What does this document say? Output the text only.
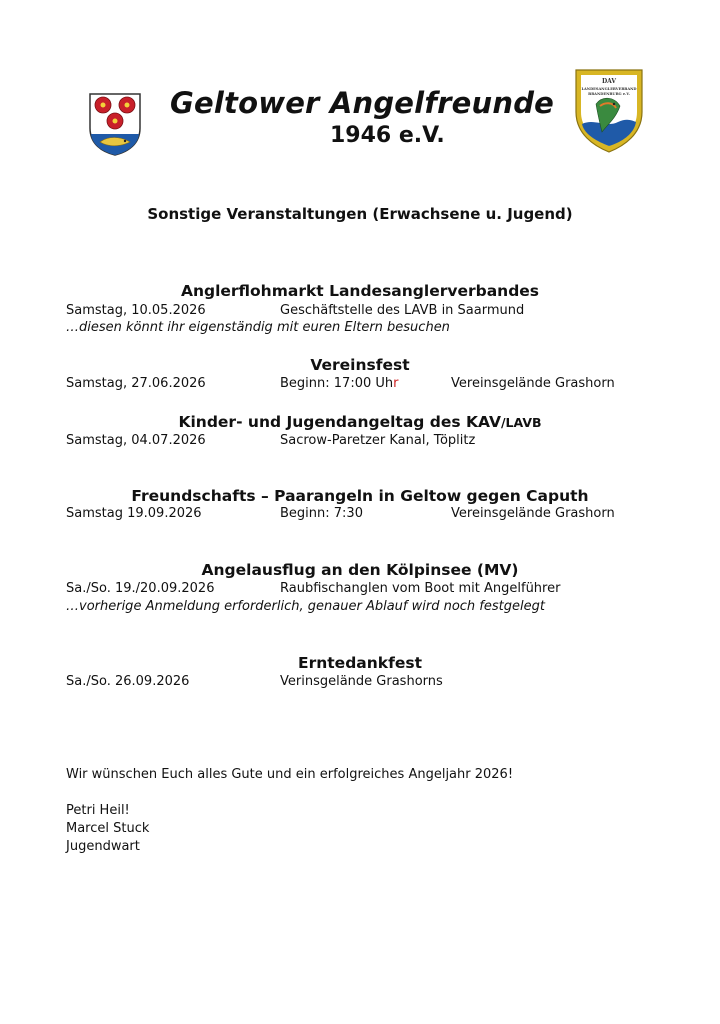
Geltower Angelfreunde
1946 e.V.
DAV
LANDESANGLERVERBAND
BRANDENBURG e.V.
Sonstige Veranstaltungen (Erwachsene u. Jugend)
Anglerflohmarkt Landesanglerverbandes
Samstag, 10.05.2026	Geschäftstelle des LAVB in Saarmund
…diesen könnt ihr eigenständig mit euren Eltern besuchen
Vereinsfest
Samstag, 27.06.2026	Beginn: 17:00 Uhr	Vereinsgelände Grashorn
Kinder- und Jugendangeltag des KAV/LAVB
Samstag, 04.07.2026	Sacrow-Paretzer Kanal, Töplitz
Freundschafts – Paarangeln in Geltow gegen Caputh
Samstag 19.09.2026	Beginn: 7:30	Vereinsgelände Grashorn
Angelausflug an den Kölpinsee (MV)
Sa./So. 19./20.09.2026	Raubfischanglen vom Boot mit Angelführer
…vorherige Anmeldung erforderlich, genauer Ablauf wird noch festgelegt
Erntedankfest
Sa./So. 26.09.2026	Verinsgelände Grashorns
Wir wünschen Euch alles Gute und ein erfolgreiches Angeljahr 2026!
Petri Heil!
Marcel Stuck
Jugendwart
